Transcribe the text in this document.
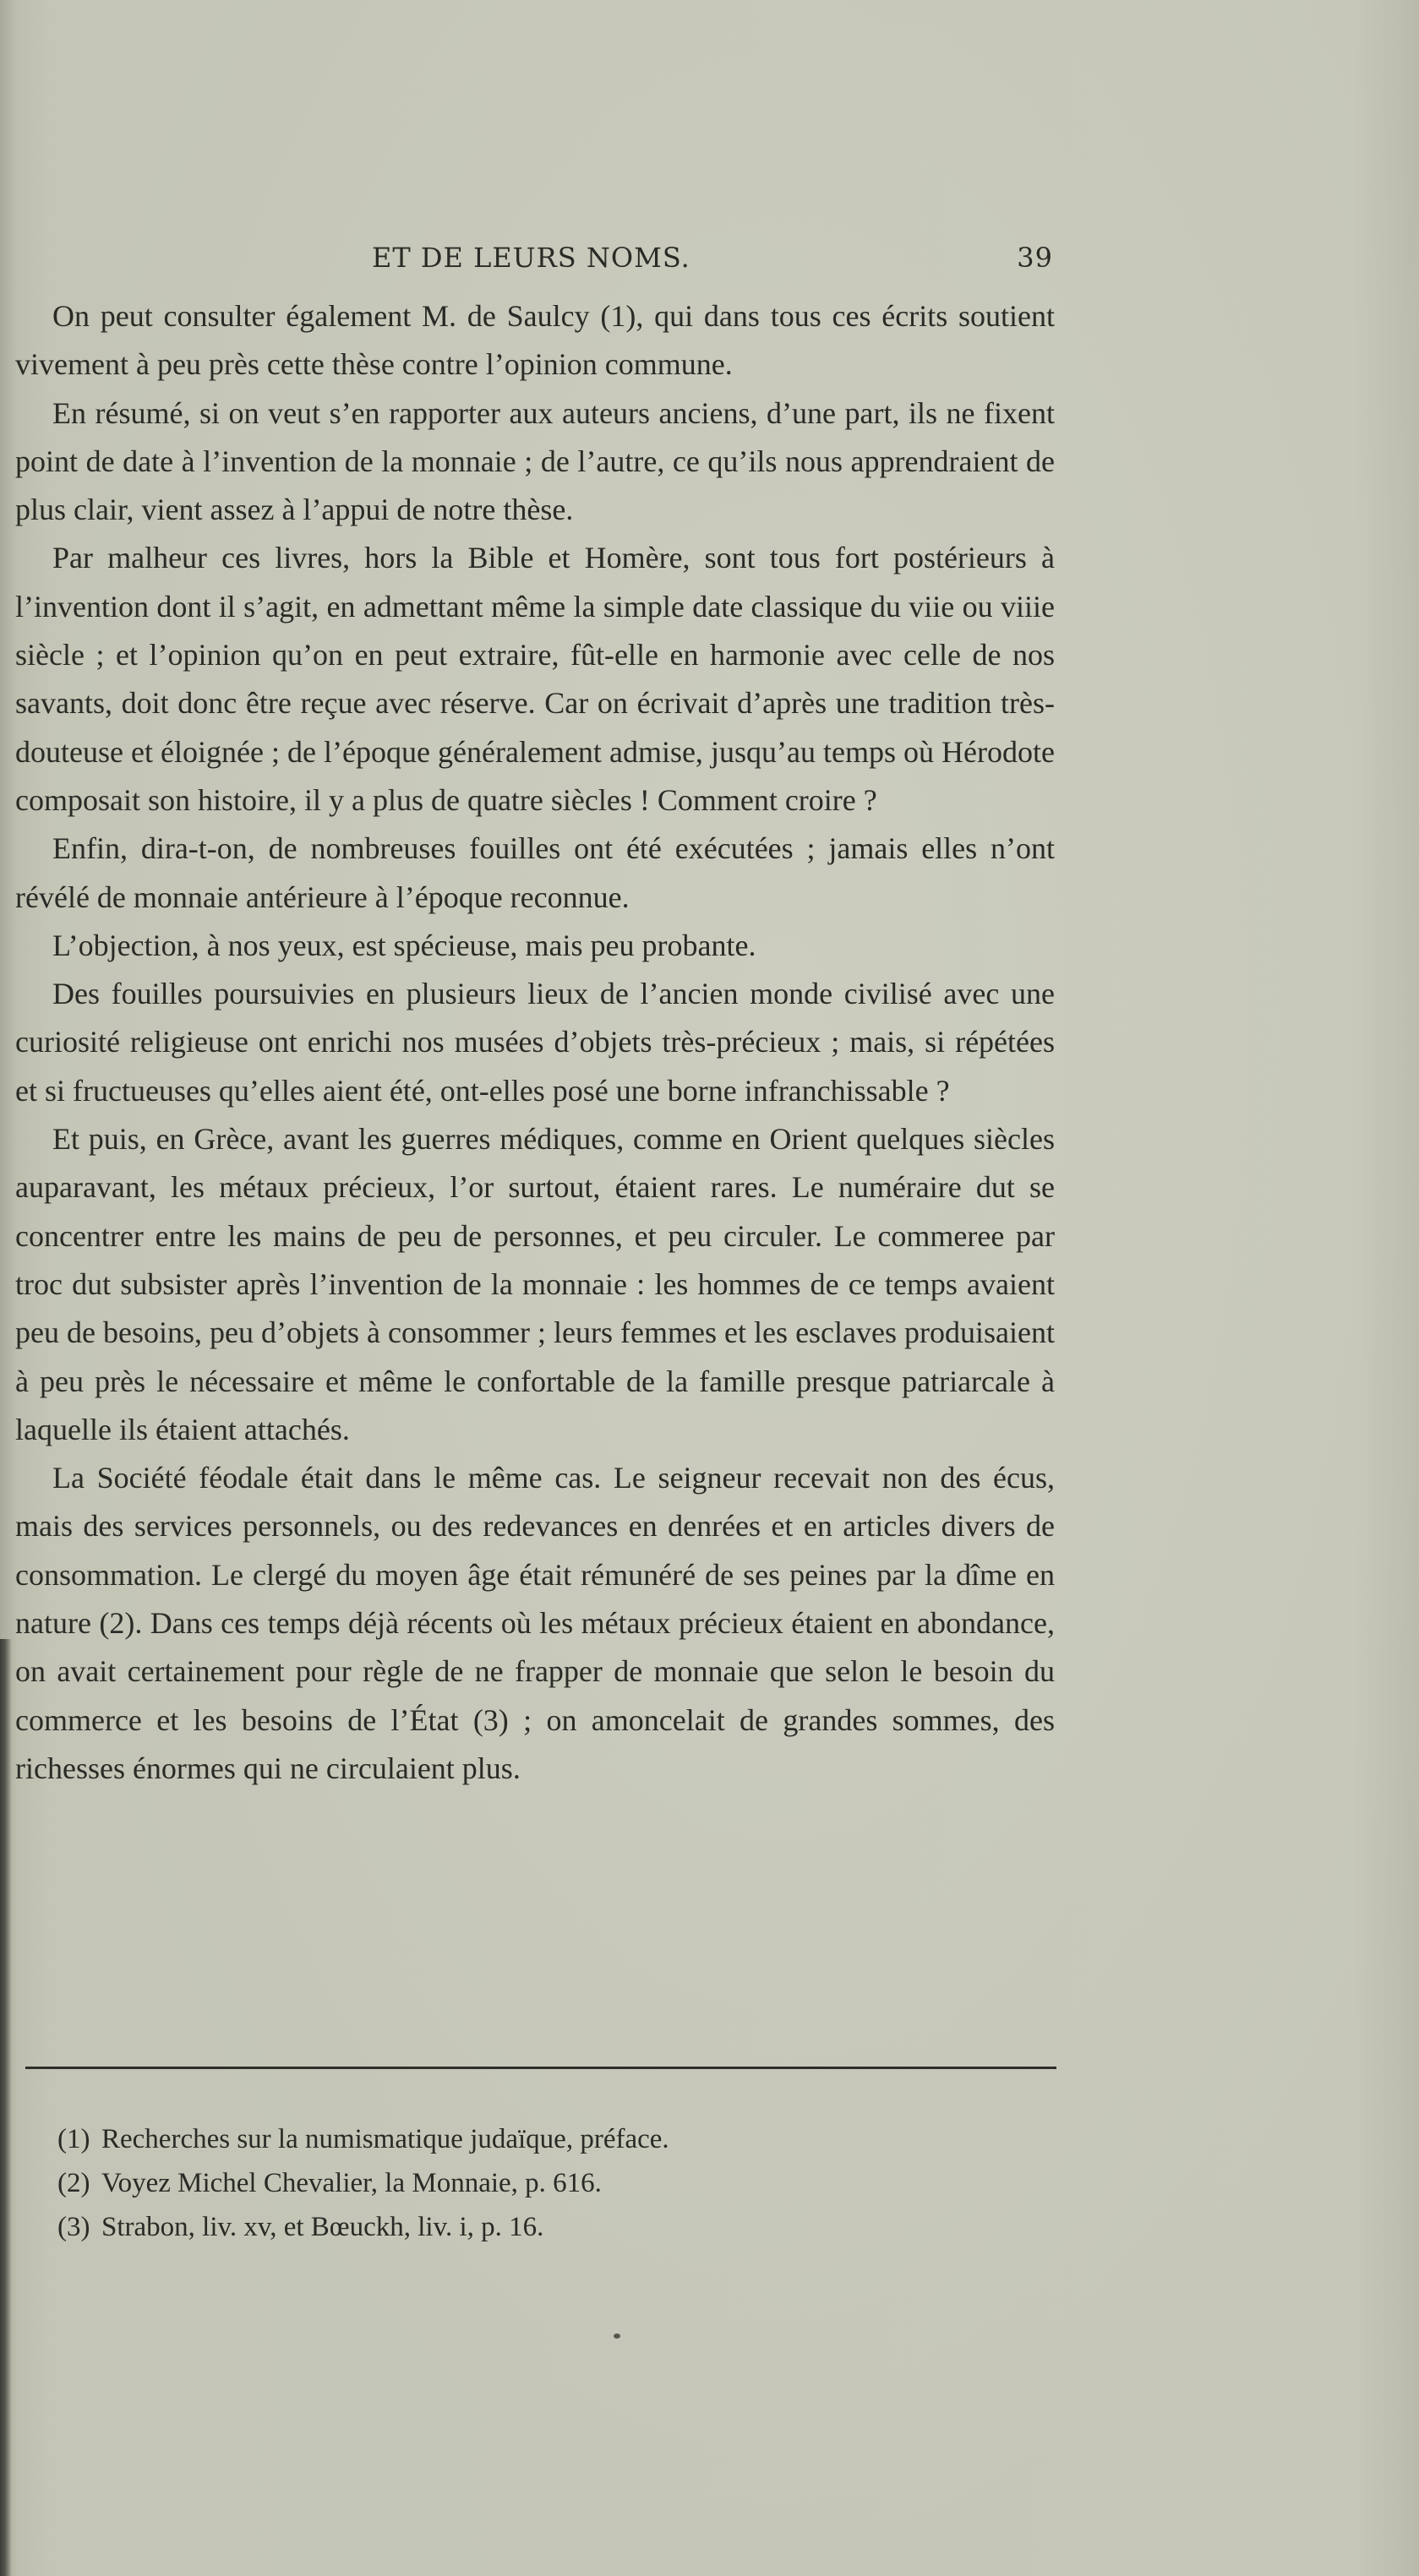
ET DE LEURS NOMS.	39

On peut consulter également M. de Saulcy (1), qui dans tous ces écrits soutient vivement à peu près cette thèse contre l’opinion commune.

En résumé, si on veut s’en rapporter aux auteurs anciens, d’une part, ils ne fixent point de date à l’invention de la monnaie ; de l’autre, ce qu’ils nous apprendraient de plus clair, vient assez à l’appui de notre thèse.

Par malheur ces livres, hors la Bible et Homère, sont tous fort postérieurs à l’invention dont il s’agit, en admettant même la simple date classique du viie ou viiie siècle ; et l’opinion qu’on en peut extraire, fût-elle en harmonie avec celle de nos savants, doit donc être reçue avec réserve. Car on écrivait d’après une tradition très-douteuse et éloignée ; de l’époque généralement admise, jusqu’au temps où Hérodote composait son histoire, il y a plus de quatre siècles ! Comment croire ?

Enfin, dira-t-on, de nombreuses fouilles ont été exécutées ; jamais elles n’ont révélé de monnaie antérieure à l’époque reconnue.

L’objection, à nos yeux, est spécieuse, mais peu probante.

Des fouilles poursuivies en plusieurs lieux de l’ancien monde civilisé avec une curiosité religieuse ont enrichi nos musées d’objets très-précieux ; mais, si répétées et si fructueuses qu’elles aient été, ont-elles posé une borne infranchissable ?

Et puis, en Grèce, avant les guerres médiques, comme en Orient quelques siècles auparavant, les métaux précieux, l’or surtout, étaient rares. Le numéraire dut se concentrer entre les mains de peu de personnes, et peu circuler. Le commeree par troc dut subsister après l’invention de la monnaie : les hommes de ce temps avaient peu de besoins, peu d’objets à consommer ; leurs femmes et les esclaves produisaient à peu près le nécessaire et même le confortable de la famille presque patriarcale à laquelle ils étaient attachés.

La Société féodale était dans le même cas. Le seigneur recevait non des écus, mais des services personnels, ou des redevances en denrées et en articles divers de consommation. Le clergé du moyen âge était rémunéré de ses peines par la dîme en nature (2). Dans ces temps déjà récents où les métaux précieux étaient en abondance, on avait certainement pour règle de ne frapper de monnaie que selon le besoin du commerce et les besoins de l’État (3) ; on amoncelait de grandes sommes, des richesses énormes qui ne circulaient plus.

(1) Recherches sur la numismatique judaïque, préface.

(2) Voyez Michel Chevalier, la Monnaie, p. 616.

(3) Strabon, liv. xv, et Bœuckh, liv. i, p. 16.
